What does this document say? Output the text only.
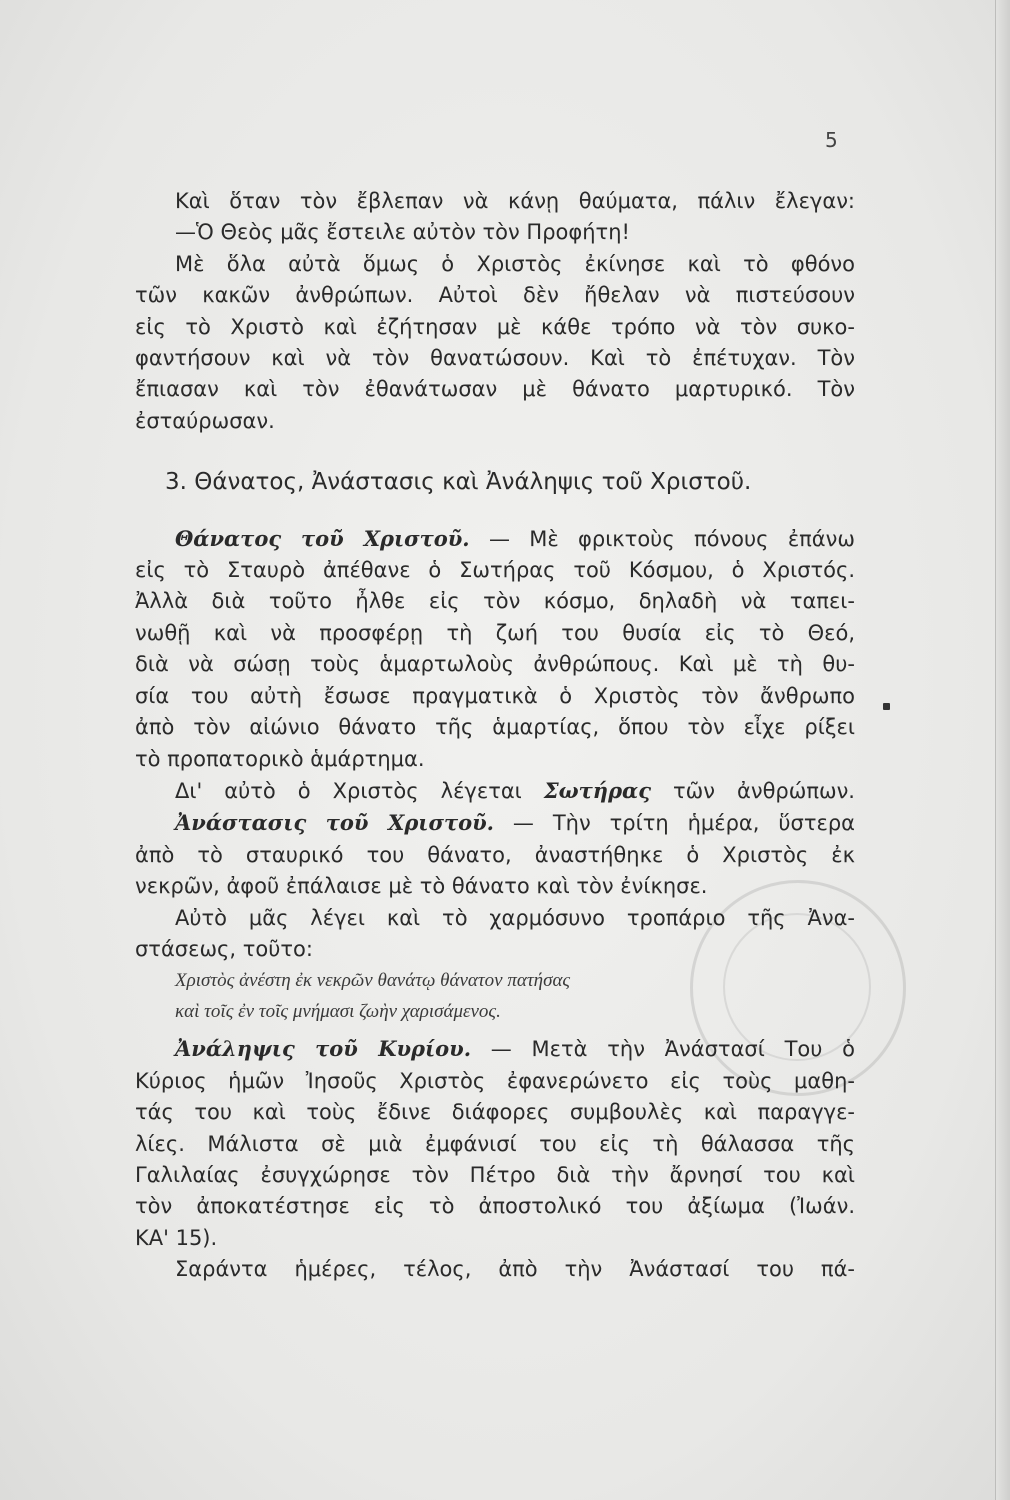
5
Καὶ ὅταν τὸν ἔβλεπαν νὰ κάνῃ θαύματα, πάλιν ἔλεγαν:
—Ὁ Θεὸς μᾶς ἔστειλε αὐτὸν τὸν Προφήτη!
Μὲ ὅλα αὐτὰ ὅμως ὁ Χριστὸς ἐκίνησε καὶ τὸ φθόνο
τῶν κακῶν ἀνθρώπων. Αὐτοὶ δὲν ἤθελαν νὰ πιστεύσουν
εἰς τὸ Χριστὸ καὶ ἐζήτησαν μὲ κάθε τρόπο νὰ τὸν συκο-
φαντήσουν καὶ νὰ τὸν θανατώσουν. Καὶ τὸ ἐπέτυχαν. Τὸν
ἔπιασαν καὶ τὸν ἐθανάτωσαν μὲ θάνατο μαρτυρικό. Τὸν
ἐσταύρωσαν.
3. Θάνατος, Ἀνάστασις καὶ Ἀνάληψις τοῦ Χριστοῦ.
Θάνατος τοῦ Χριστοῦ. — Μὲ φρικτοὺς πόνους ἐπάνω
εἰς τὸ Σταυρὸ ἀπέθανε ὁ Σωτήρας τοῦ Κόσμου, ὁ Χριστός.
Ἀλλὰ διὰ τοῦτο ἦλθε εἰς τὸν κόσμο, δηλαδὴ νὰ ταπει-
νωθῇ καὶ νὰ προσφέρῃ τὴ ζωή του θυσία εἰς τὸ Θεό,
διὰ νὰ σώσῃ τοὺς ἁμαρτωλοὺς ἀνθρώπους. Καὶ μὲ τὴ θυ-
σία του αὐτὴ ἔσωσε πραγματικὰ ὁ Χριστὸς τὸν ἄνθρωπο
ἀπὸ τὸν αἰώνιο θάνατο τῆς ἁμαρτίας, ὅπου τὸν εἶχε ρίξει
τὸ προπατορικὸ ἁμάρτημα.
Δι' αὐτὸ ὁ Χριστὸς λέγεται Σωτήρας τῶν ἀνθρώπων.
Ἀνάστασις τοῦ Χριστοῦ. — Τὴν τρίτη ἡμέρα, ὕστερα
ἀπὸ τὸ σταυρικό του θάνατο, ἀναστήθηκε ὁ Χριστὸς ἐκ
νεκρῶν, ἀφοῦ ἐπάλαισε μὲ τὸ θάνατο καὶ τὸν ἐνίκησε.
Αὐτὸ μᾶς λέγει καὶ τὸ χαρμόσυνο τροπάριο τῆς Ἀνα-
στάσεως, τοῦτο:
Χριστὸς ἀνέστη ἐκ νεκρῶν θανάτῳ θάνατον πατήσας
καὶ τοῖς ἐν τοῖς μνήμασι ζωὴν χαρισάμενος.
Ἀνάληψις τοῦ Κυρίου. — Μετὰ τὴν Ἀνάστασί Του ὁ
Κύριος ἡμῶν Ἰησοῦς Χριστὸς ἐφανερώνετο εἰς τοὺς μαθη-
τάς του καὶ τοὺς ἔδινε διάφορες συμβουλὲς καὶ παραγγε-
λίες. Μάλιστα σὲ μιὰ ἐμφάνισί του εἰς τὴ θάλασσα τῆς
Γαλιλαίας ἐσυγχώρησε τὸν Πέτρο διὰ τὴν ἄρνησί του καὶ
τὸν ἀποκατέστησε εἰς τὸ ἀποστολικό του ἀξίωμα (Ἰωάν.
ΚΑ' 15).
Σαράντα ἡμέρες, τέλος, ἀπὸ τὴν Ἀνάστασί του πά-
